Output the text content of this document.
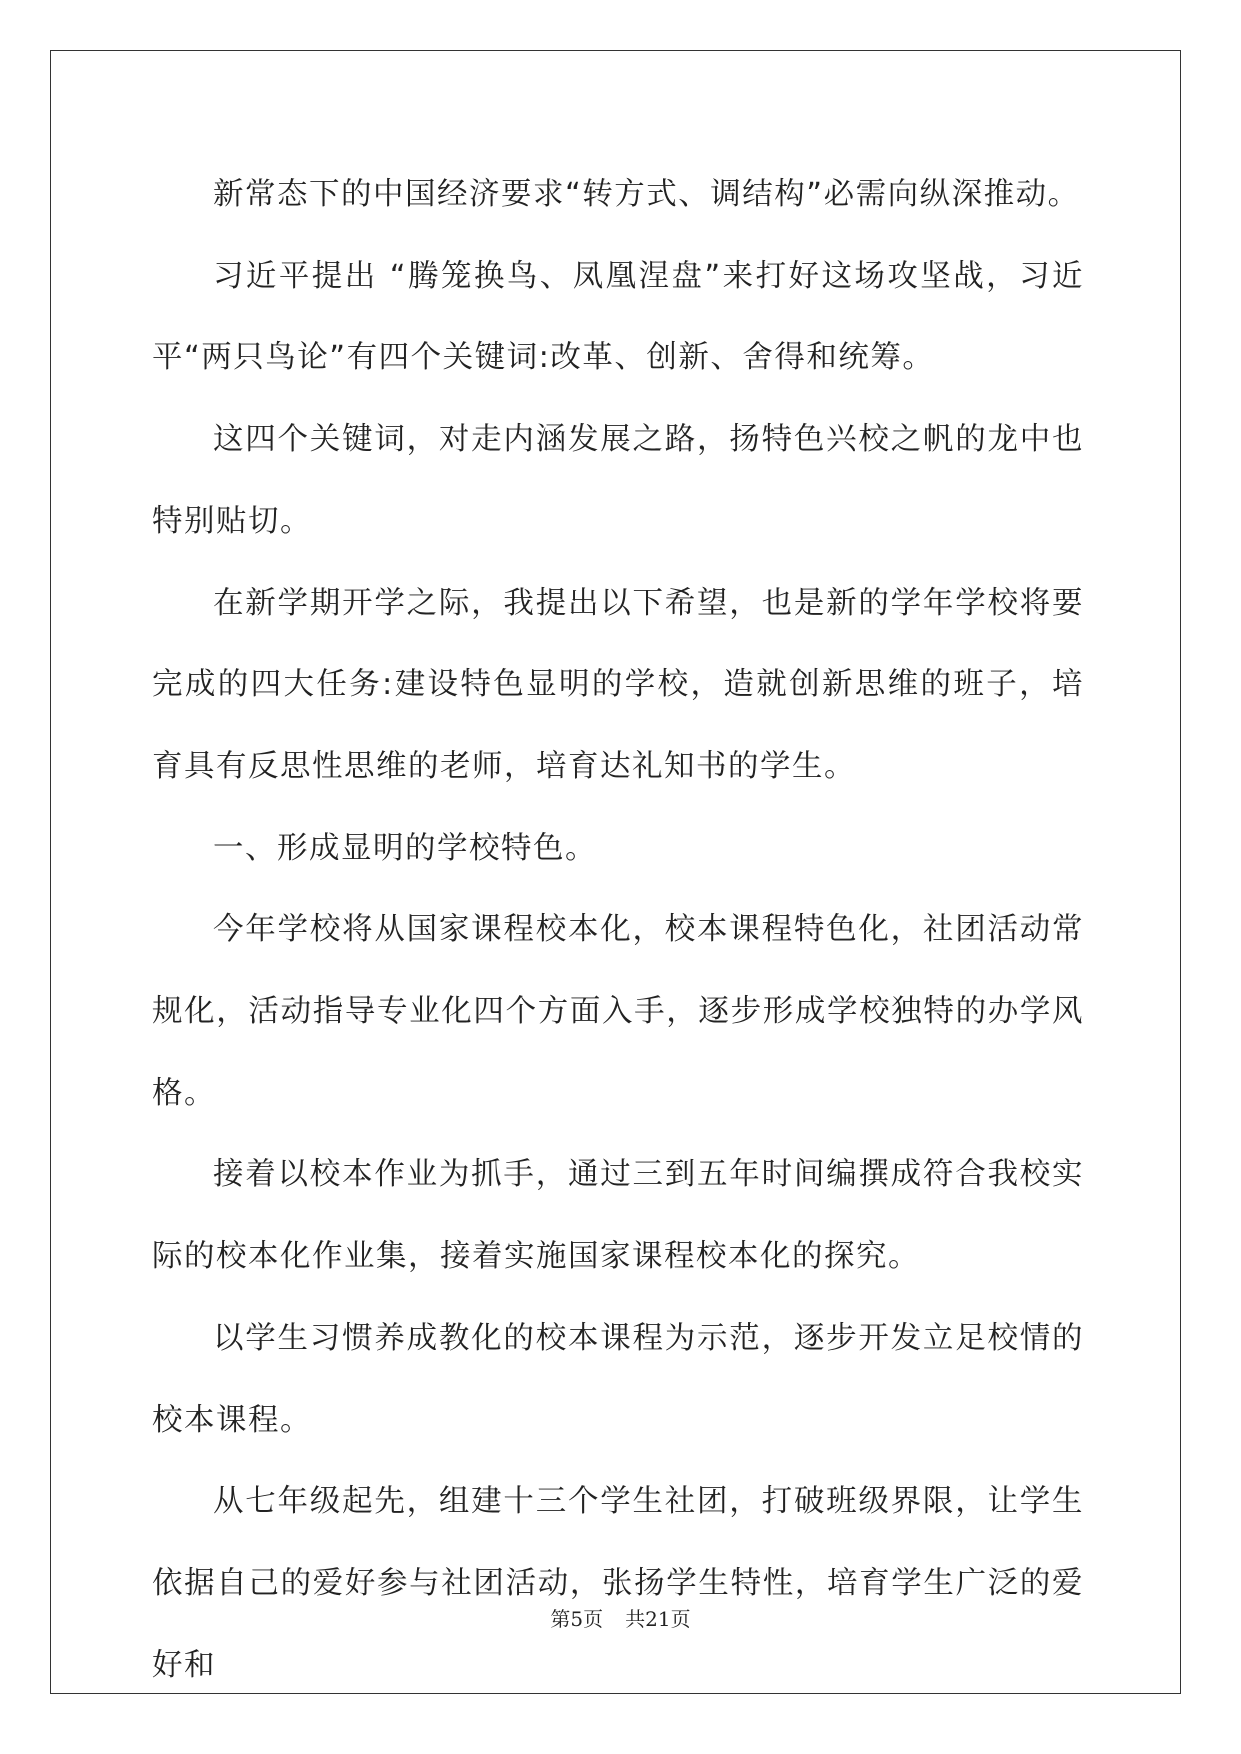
新常态下的中国经济要求“转方式、调结构”必需向纵深推动。

习近平提出 “腾笼换鸟、凤凰涅盘”来打好这场攻坚战，习近平“两只鸟论”有四个关键词:改革、创新、舍得和统筹。

这四个关键词，对走内涵发展之路，扬特色兴校之帆的龙中也特别贴切。

在新学期开学之际，我提出以下希望，也是新的学年学校将要完成的四大任务:建设特色显明的学校，造就创新思维的班子，培育具有反思性思维的老师，培育达礼知书的学生。

一、形成显明的学校特色。

今年学校将从国家课程校本化，校本课程特色化，社团活动常规化，活动指导专业化四个方面入手，逐步形成学校独特的办学风格。

接着以校本作业为抓手，通过三到五年时间编撰成符合我校实际的校本化作业集，接着实施国家课程校本化的探究。

以学生习惯养成教化的校本课程为示范，逐步开发立足校情的校本课程。

从七年级起先，组建十三个学生社团，打破班级界限，让学生依据自己的爱好参与社团活动，张扬学生特性，培育学生广泛的爱好和

第5页 共21页
